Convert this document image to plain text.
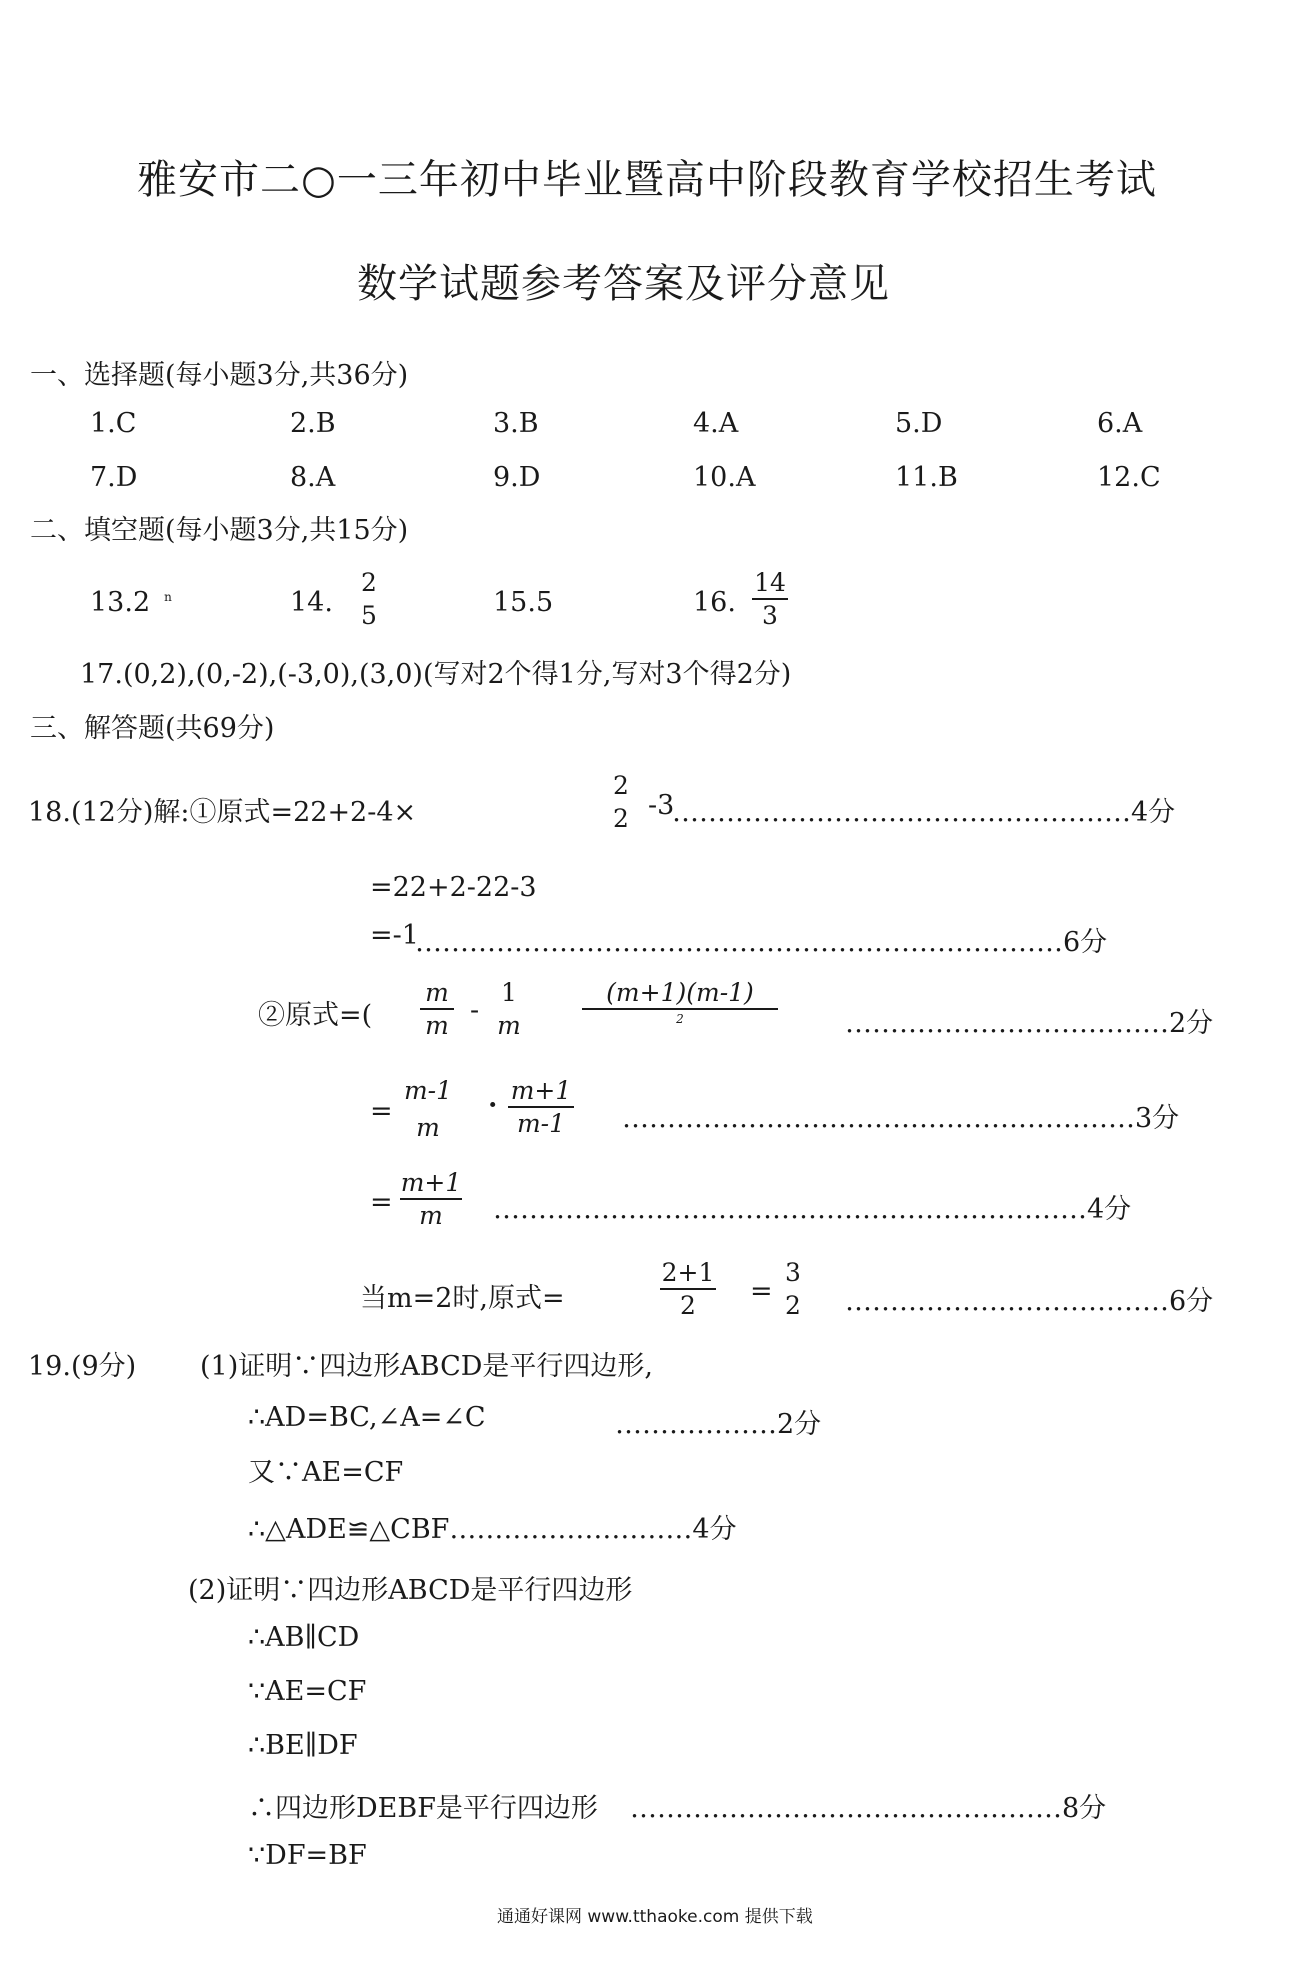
雅安市二○一三年初中毕业暨高中阶段教育学校招生考试
数学试题参考答案及评分意见
一、选择题(每小题3分,共36分)
1.C	2.B	3.B	4.A	5.D	6.A
7.D	8.A	9.D	10.A	11.B	12.C
二、填空题(每小题3分,共15分)
13.2 $^n$	14.
2
5	15.5	16.
14
3
17.(0,2),(0,-2),(-3,0),(3,0)(写对2个得1分,写对3个得2分)
三、解答题(共69分)
18.(12分)解:①原式=22+2-4×
2
2 -3
……………………………………………4分
=22+2-22-3
=-1
………………………………………………………………6分
②原式=(
m
m -
1
m
(m+1)(m-1)
2	………………………………2分
=
m-1
m
· m+1
m-1	…………………………………………………3分
=
m+1
m	…………………………………………………………4分
当m=2时,原式=
2+1
2	=
3
2 ………………………………6分
19.(9分) (1)证明∵四边形ABCD是平行四边形,
∴AD=BC,∠A=∠C	………………2分
又∵AE=CF
∴△ADE≌△CBF………………………4分
(2)证明∵四边形ABCD是平行四边形
∴AB∥CD
∵AE=CF
∴BE∥DF
∴四边形DEBF是平行四边形 …………………………………………8分
∵DF=BF
通通好课网 www.tthaoke.com 提供下载
